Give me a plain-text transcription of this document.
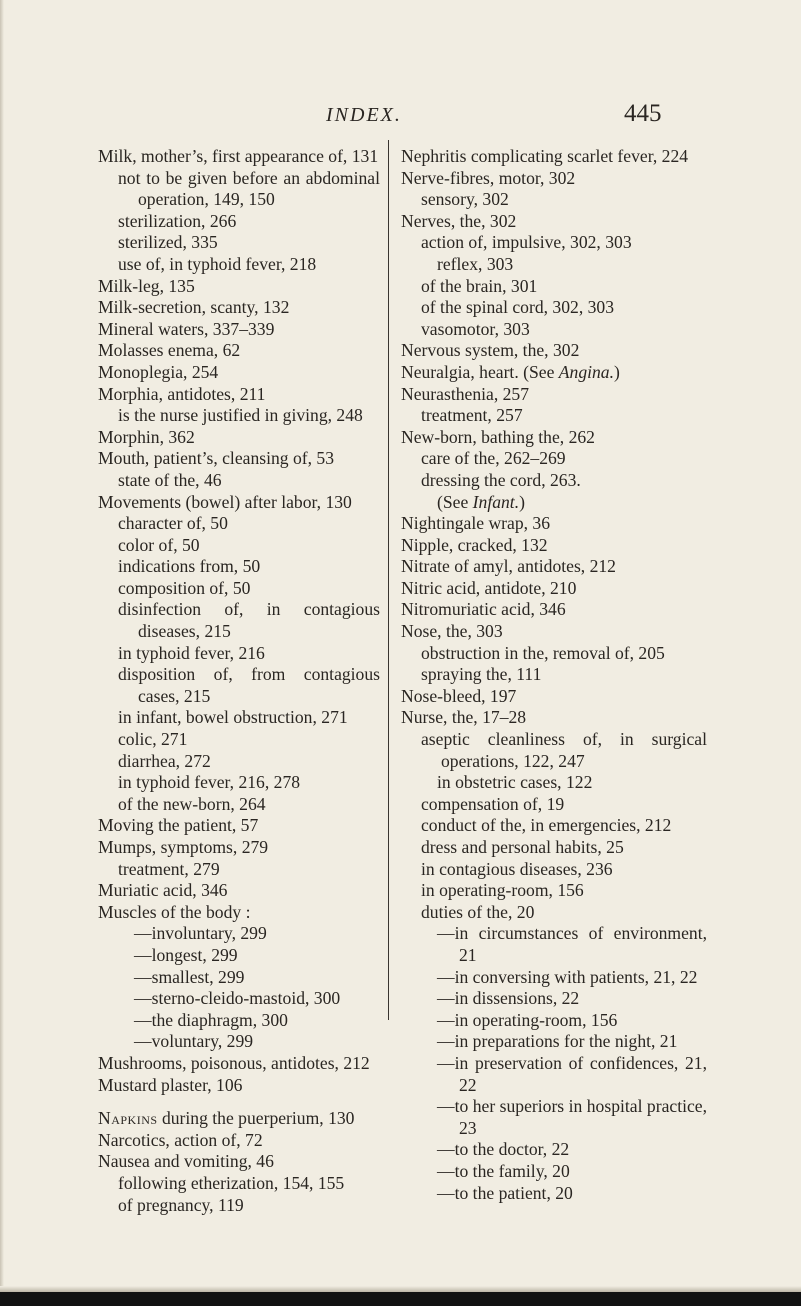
INDEX.	445
Milk, mother’s, first appearance of, 131
not to be given before an abdominal operation, 149, 150
sterilization, 266
sterilized, 335
use of, in typhoid fever, 218
Milk-leg, 135
Milk-secretion, scanty, 132
Mineral waters, 337–339
Molasses enema, 62
Monoplegia, 254
Morphia, antidotes, 211
is the nurse justified in giving, 248
Morphin, 362
Mouth, patient’s, cleansing of, 53
state of the, 46
Movements (bowel) after labor, 130
character of, 50
color of, 50
indications from, 50
composition of, 50
disinfection of, in contagious diseases, 215
in typhoid fever, 216
disposition of, from contagious cases, 215
in infant, bowel obstruction, 271
colic, 271
diarrhea, 272
in typhoid fever, 216, 278
of the new-born, 264
Moving the patient, 57
Mumps, symptoms, 279
treatment, 279
Muriatic acid, 346
Muscles of the body :
—involuntary, 299
—longest, 299
—smallest, 299
—sterno-cleido-mastoid, 300
—the diaphragm, 300
—voluntary, 299
Mushrooms, poisonous, antidotes, 212
Mustard plaster, 106
Napkins during the puerperium, 130
Narcotics, action of, 72
Nausea and vomiting, 46
following etherization, 154, 155
of pregnancy, 119
Nephritis complicating scarlet fever, 224
Nerve-fibres, motor, 302
sensory, 302
Nerves, the, 302
action of, impulsive, 302, 303
reflex, 303
of the brain, 301
of the spinal cord, 302, 303
vasomotor, 303
Nervous system, the, 302
Neuralgia, heart. (See Angina.)
Neurasthenia, 257
treatment, 257
New-born, bathing the, 262
care of the, 262–269
dressing the cord, 263.
(See Infant.)
Nightingale wrap, 36
Nipple, cracked, 132
Nitrate of amyl, antidotes, 212
Nitric acid, antidote, 210
Nitromuriatic acid, 346
Nose, the, 303
obstruction in the, removal of, 205
spraying the, 111
Nose-bleed, 197
Nurse, the, 17–28
aseptic cleanliness of, in surgical operations, 122, 247
in obstetric cases, 122
compensation of, 19
conduct of the, in emergencies, 212
dress and personal habits, 25
in contagious diseases, 236
in operating-room, 156
duties of the, 20
—in circumstances of environment, 21
—in conversing with patients, 21, 22
—in dissensions, 22
—in operating-room, 156
—in preparations for the night, 21
—in preservation of confidences, 21, 22
—to her superiors in hospital practice, 23
—to the doctor, 22
—to the family, 20
—to the patient, 20
